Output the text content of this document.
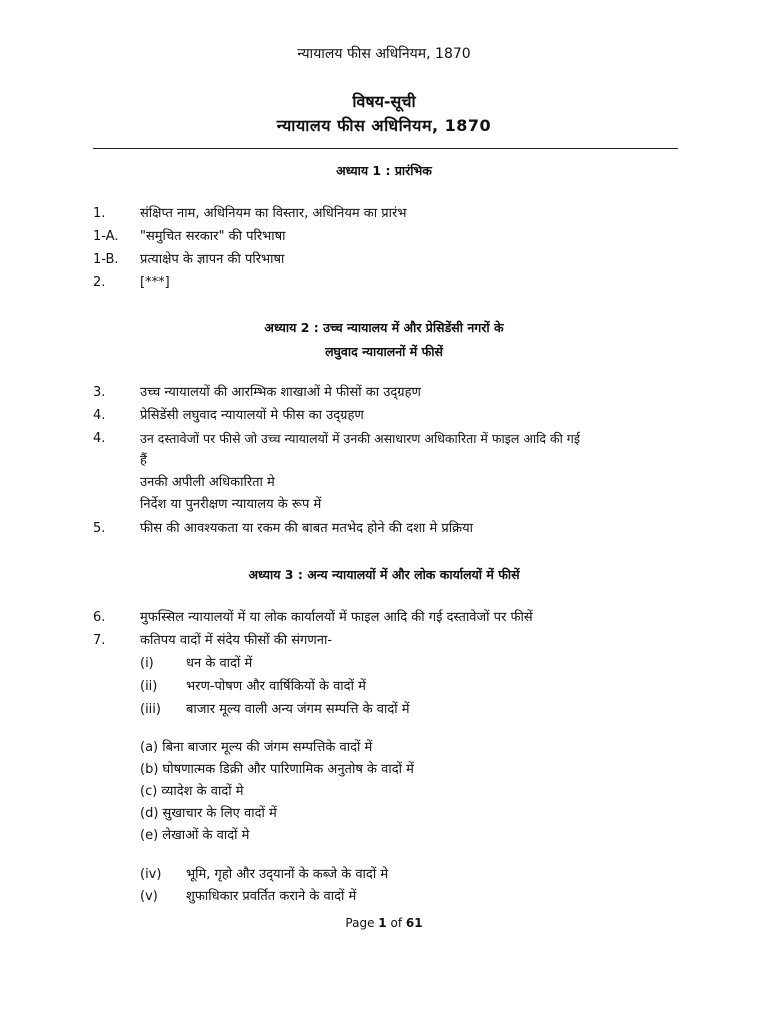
न्यायालय फीस अधिनियम, 1870
विषय-सूची
न्यायालय फीस अधिनियम, 1870
अध्याय 1 : प्रारंभिक
1.	संक्षिप्त नाम, अधिनियम का विस्तार, अधिनियम का प्रारंभ
1-A. "समुचित सरकार" की परिभाषा
1-B. प्रत्याक्षेप के ज्ञापन की परिभाषा
2.	[***]
अध्याय 2 : उच्च न्यायालय में और प्रेसिडेंसी नगरों के
लघुवाद न्यायालनों में फीसें
3.	उच्च न्यायालयों की आरम्भिक शाखाओं मे फीसों का उद्ग्रहण
4.	प्रेसिडेंसी लघुवाद न्यायालयों मे फीस का उद्ग्रहण
4.	उन दस्तावेजों पर फीसे जो उच्च न्यायालयों में उनकी असाधारण अधिकारिता में फाइल आदि की गई
हैं
उनकी अपीली अधिकारिता मे
निर्देश या पुनरीक्षण न्यायालय के रूप में
5.	फीस की आवश्यकता या रकम की बाबत मतभेद होने की दशा मे प्रक्रिया
अध्याय 3 : अन्य न्यायालयों में और लोक कार्यालयों में फीसें
6.	मुफस्सिल न्यायालयों में या लोक कार्यालयों में फाइल आदि की गई दस्तावेजों पर फीसें
7.	कतिपय वादों में संदेय फीसों की संगणना-
(i) धन के वादों में
(ii) भरण-पोषण और वार्षिकियों के वादों में
(iii) बाजार मूल्य वाली अन्य जंगम सम्पत्ति के वादों में
(a) बिना बाजार मूल्य की जंगम सम्पत्तिके वादों में
(b) घोषणात्मक डिक्री और पारिणामिक अनुतोष के वादों में
(c) व्यादेश के वादों मे
(d) सुखाचार के लिए वादों में
(e) लेखाओं के वादों मे
(iv) भूमि, गृहो और उद्‌यानों के कब्जे के वादों मे
(v) शुफाधिकार प्रवर्तित कराने के वादों में
Page 1 of 61
